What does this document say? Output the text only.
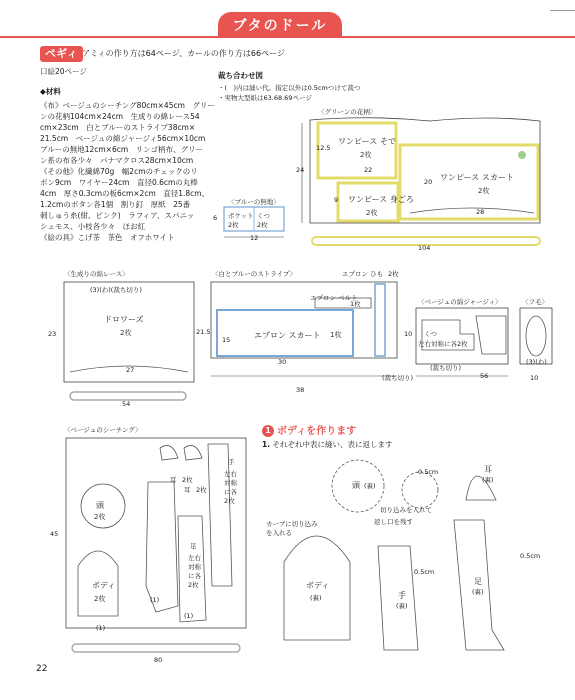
ブタのドール
ペギィ アミィの作り方は64ページ、カールの作り方は66ページ
口絵20ページ
◆材料
《布》ベージュのシーチング80cm×45cm　グリー
ンの花柄104cm×24cm　生成りの綿レース54
cm×23cm　白とブルーのストライプ38cm×
21.5cm　ベージュの綿ジャージィ56cm×10cm
ブルーの無地12cm×6cm　リンゴ柄布、グリー
ン系の布各少々　パナマクロス28cm×10cm
《その他》化繊綿70g　幅2cmのチェックのリ
ボン9cm　ワイヤー24cm　直径0.6cmの丸棒
4cm　厚さ0.3cmの板6cm×2cm　直径1.8cm、
1.2cmのボタン各1個　割り釘　厚紙　25番
刺しゅう糸(紺、ピンク)　ラフィア、スパニッ
シュモス、小枝各少々　ほお紅
《絵の具》こげ茶　茶色　オフホワイト
裁ち合わせ図
・(　)内は縫い代。指定以外は0.5cmつけて裁つ
・実物大型紙は63.68.69ページ
〈グリーンの花柄〉
ワンピース そで
2枚
ワンピース スカート
2枚
ワンピース 身ごろ
2枚
24
12.5
22
20
28
9
104
〈ブルーの無地〉
ポケット
2枚
くつ
2枚
6
12
〈生成りの綿レース〉
(3)(わ)(裁ち切り)
ドロワーズ
2枚
23
27
54
〈白とブルーのストライプ〉	エプロン ひも 2枚
エプロン ベルト
1枚
エプロン スカート 1枚
21.5
15
30
38
(裁ち切り)
〈ベージュの綿ジャージィ〉
くつ
左右対称に各2枚
10
56
(裁ち切り)
〈フ毛〉
10
(3)(わ)
〈ベージュのシーチング〉
耳 2枚
耳 2枚
頭
2枚
ボディ
2枚
手
左右対称に各2枚
足
左右対称に各2枚
45
80
(1)
(1)
(1)
1 ボディを作ります
1. それぞれ中表に縫い、表に返します
頭 (裏)
耳
(裏)
ボディ
(裏)	手
(裏)
足
(裏)
0.5cm
0.5cm
0.5cm
切り込みを入れて
返し口を残す
カーブに切り込み を入れる
22
